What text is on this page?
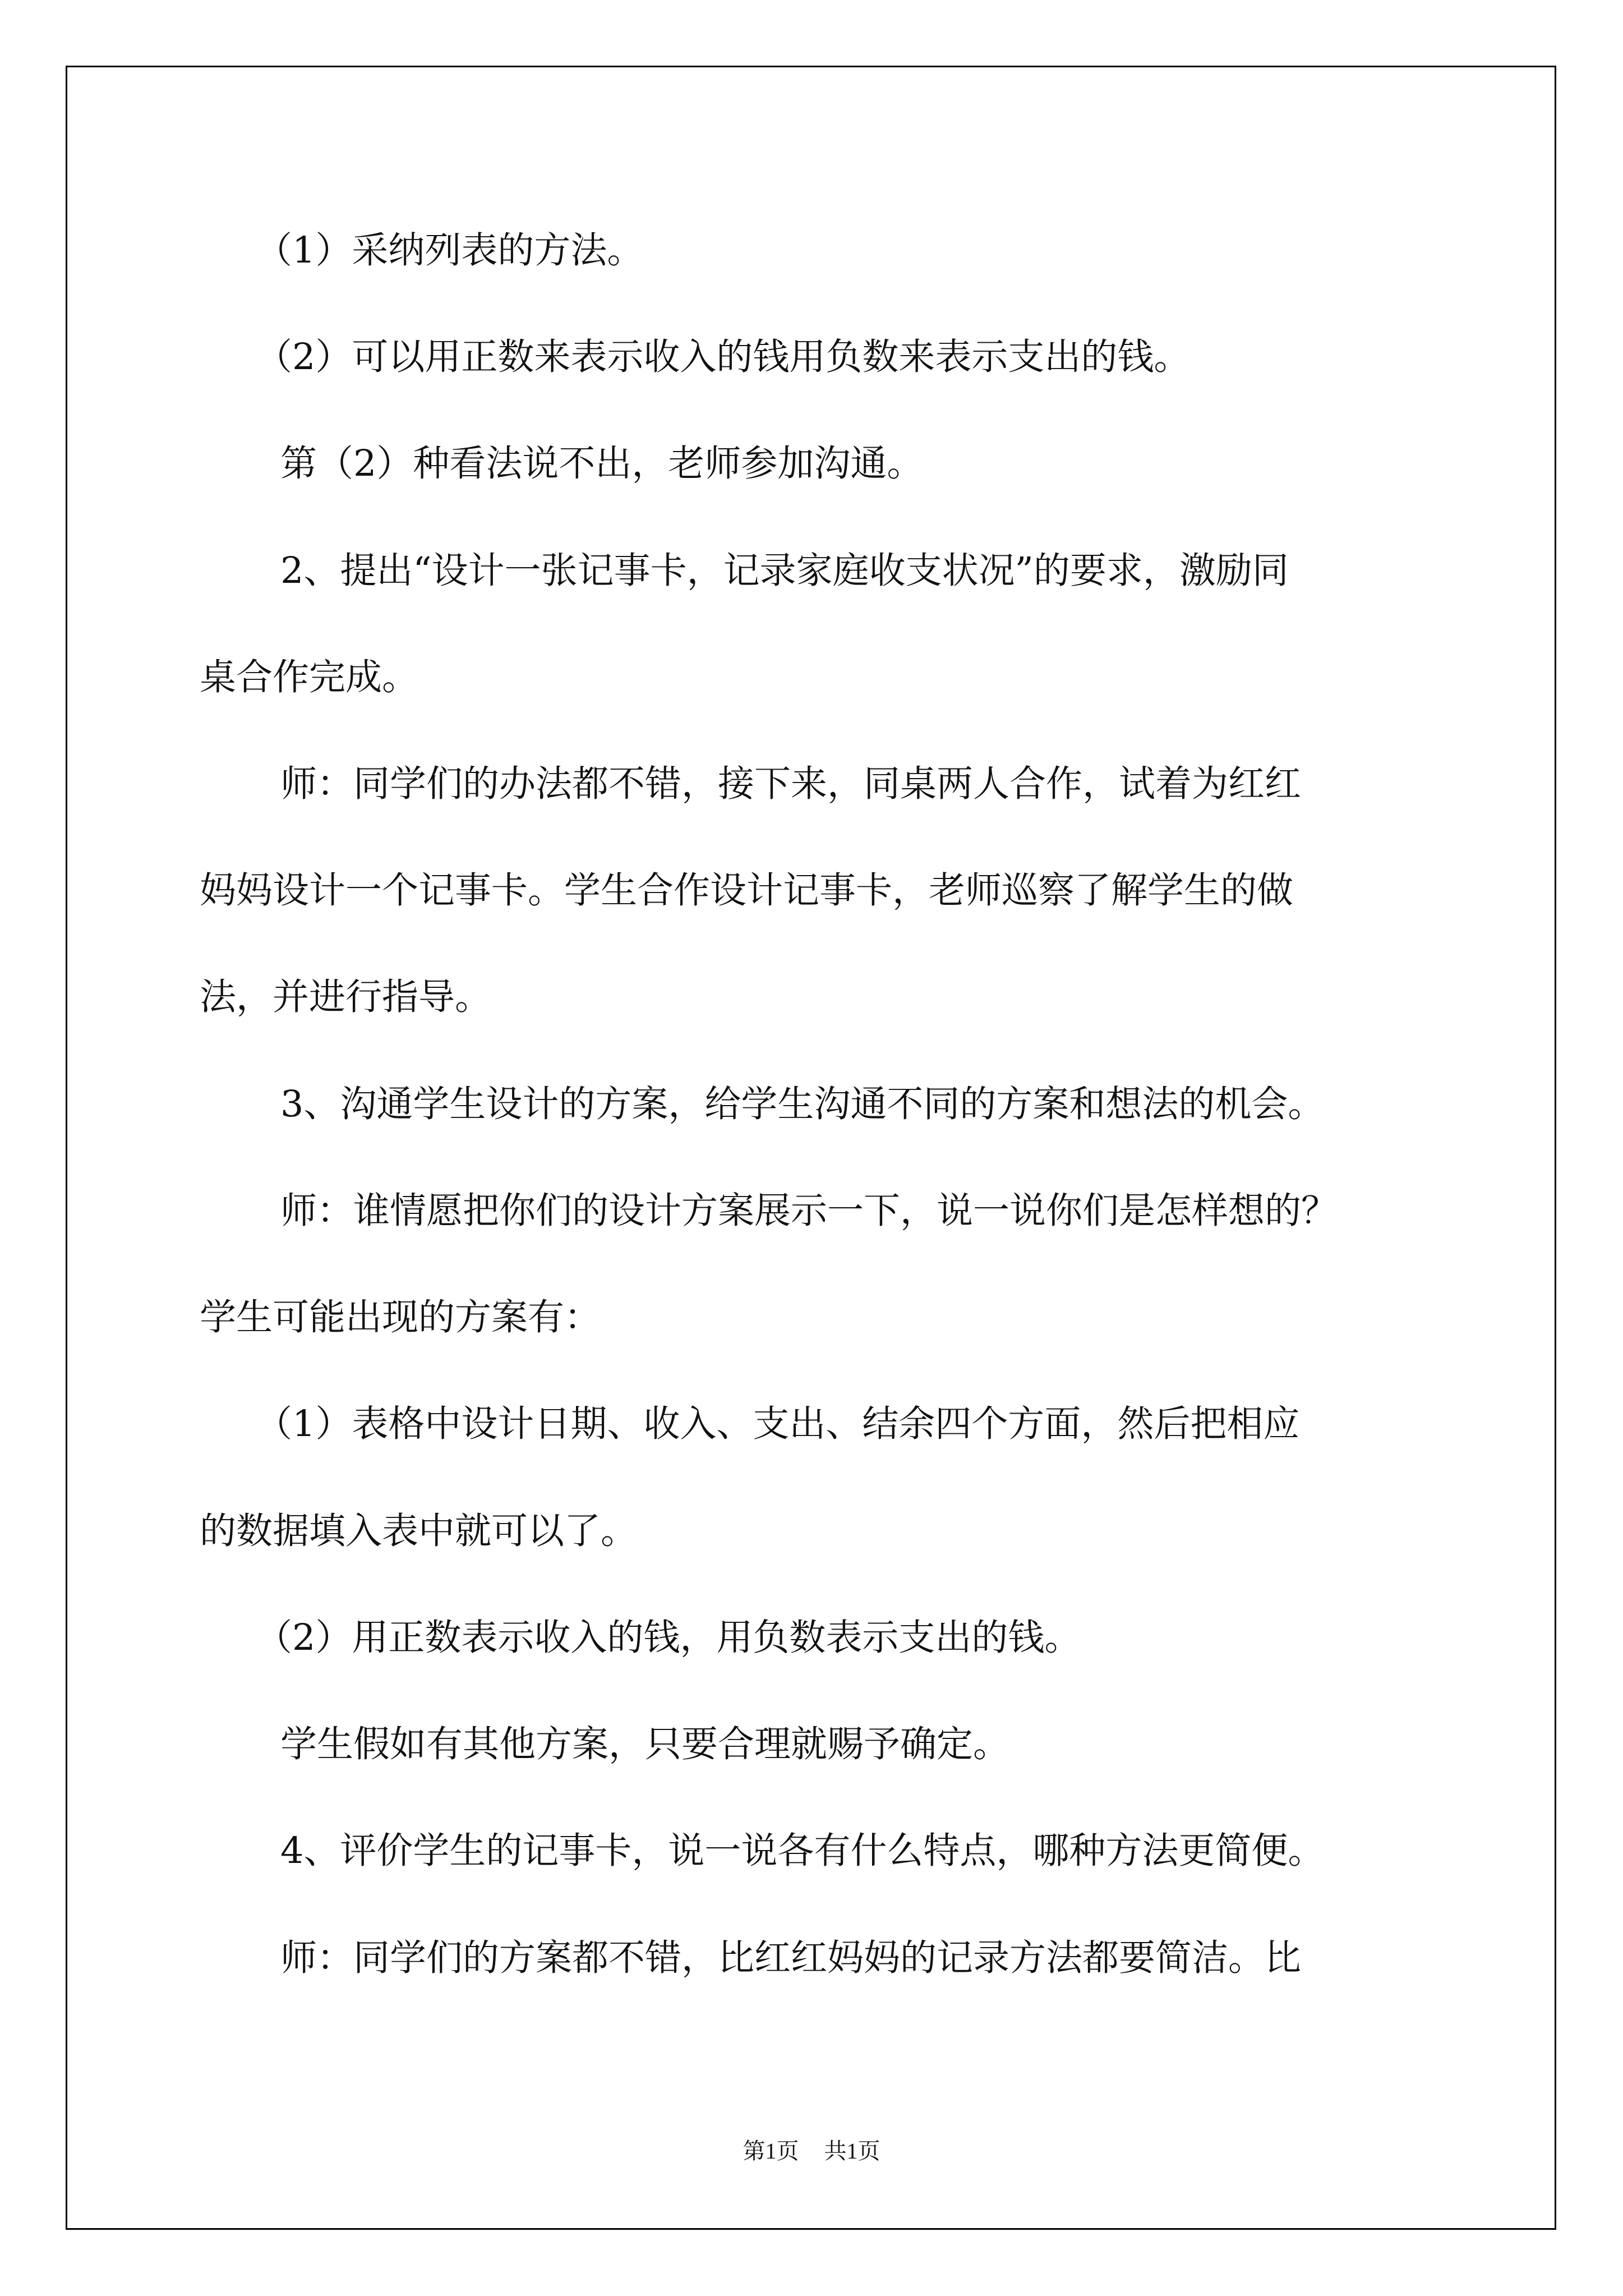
（1）采纳列表的方法。

（2）可以用正数来表示收入的钱用负数来表示支出的钱。

第（2）种看法说不出，老师参加沟通。

2、提出“设计一张记事卡，记录家庭收支状况”的要求，激励同

桌合作完成。

师：同学们的办法都不错，接下来，同桌两人合作，试着为红红

妈妈设计一个记事卡。学生合作设计记事卡，老师巡察了解学生的做

法，并进行指导。

3、沟通学生设计的方案，给学生沟通不同的方案和想法的机会。

师：谁情愿把你们的设计方案展示一下，说一说你们是怎样想的？

学生可能出现的方案有：

（1）表格中设计日期、收入、支出、结余四个方面，然后把相应

的数据填入表中就可以了。

（2）用正数表示收入的钱，用负数表示支出的钱。

学生假如有其他方案，只要合理就赐予确定。

4、评价学生的记事卡，说一说各有什么特点，哪种方法更简便。

师：同学们的方案都不错，比红红妈妈的记录方法都要简洁。比

第1页 共1页
